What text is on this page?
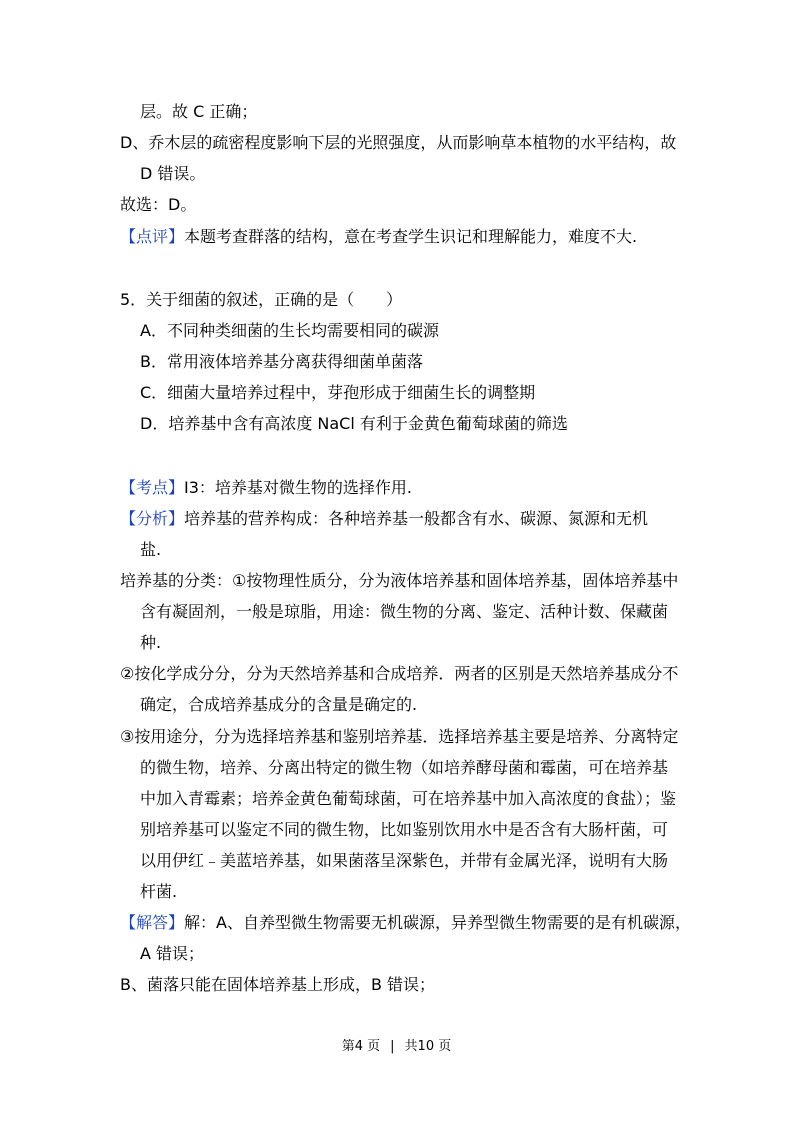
层。故 C 正确；
D、乔木层的疏密程度影响下层的光照强度，从而影响草本植物的水平结构，故
D 错误。
故选：D。
【点评】本题考查群落的结构，意在考查学生识记和理解能力，难度不大.
5．关于细菌的叙述，正确的是（　　）
A．不同种类细菌的生长均需要相同的碳源
B．常用液体培养基分离获得细菌单菌落
C．细菌大量培养过程中，芽孢形成于细菌生长的调整期
D．培养基中含有高浓度 NaCl 有利于金黄色葡萄球菌的筛选
【考点】I3：培养基对微生物的选择作用.
【分析】培养基的营养构成：各种培养基一般都含有水、碳源、氮源和无机
盐.
培养基的分类：①按物理性质分，分为液体培养基和固体培养基，固体培养基中
含有凝固剂，一般是琼脂，用途：微生物的分离、鉴定、活种计数、保藏菌
种.
②按化学成分分，分为天然培养基和合成培养．两者的区别是天然培养基成分不
确定，合成培养基成分的含量是确定的.
③按用途分，分为选择培养基和鉴别培养基．选择培养基主要是培养、分离特定
的微生物，培养、分离出特定的微生物（如培养酵母菌和霉菌，可在培养基
中加入青霉素；培养金黄色葡萄球菌，可在培养基中加入高浓度的食盐）；鉴
别培养基可以鉴定不同的微生物，比如鉴别饮用水中是否含有大肠杆菌，可
以用伊红﹣美蓝培养基，如果菌落呈深紫色，并带有金属光泽，说明有大肠
杆菌.
【解答】解：A、自养型微生物需要无机碳源，异养型微生物需要的是有机碳源，
A 错误；
B、菌落只能在固体培养基上形成，B 错误；
第4 页 | 共10 页
